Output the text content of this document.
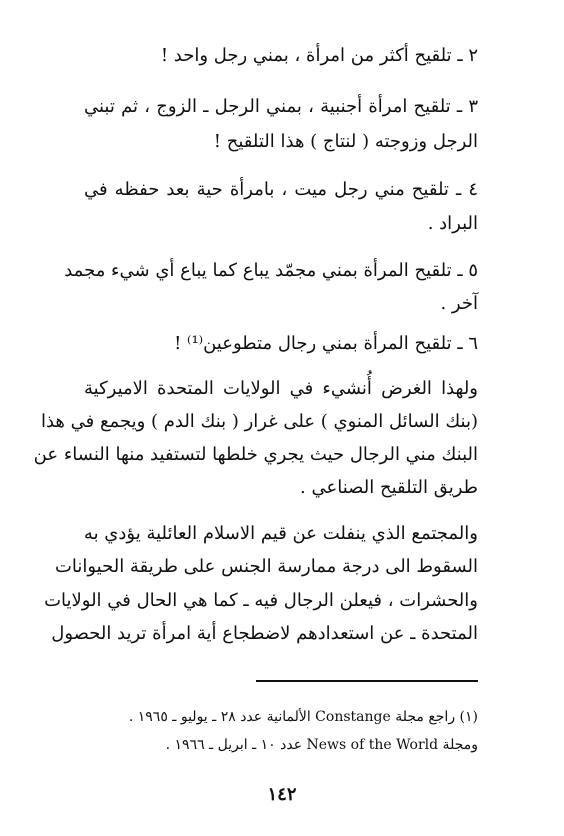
٢ ـ تلقيح أكثر من امرأة ، بمني رجل واحد !
٣ ـ تلقيح امرأة أجنبية ، بمني الرجل ـ الزوج ، ثم تبني
الرجل وزوجته ( لنتاج ) هذا التلقيح !
٤ ـ تلقيح مني رجل ميت ، بامرأة حية بعد حفظه في
البراد .
٥ ـ تلقيح المرأة بمني مجمّد يباع كما يباع أي شيء مجمد
آخر .
٦ ـ تلقيح المرأة بمني رجال متطوعين⁽¹⁾ !
ولهذا الغرض أُنشيء في الولايات المتحدة الاميركية
(بنك السائل المنوي ) على غرار ( بنك الدم ) ويجمع في هذا
البنك مني الرجال حيث يجري خلطها لتستفيد منها النساء عن
طريق التلقيح الصناعي .
والمجتمع الذي ينفلت عن قيم الاسلام العائلية يؤدي به
السقوط الى درجة ممارسة الجنس على طريقة الحيوانات
والحشرات ، فيعلن الرجال فيه ـ كما هي الحال في الولايات
المتحدة ـ عن استعدادهم لاضطجاع أية امرأة تريد الحصول
(١) راجع مجلة Constange الألمانية عدد ٢٨ ـ يوليو ـ ١٩٦٥ .
ومجلة News of the World عدد ١٠ ـ ابريل ـ ١٩٦٦ .
١٤٢
